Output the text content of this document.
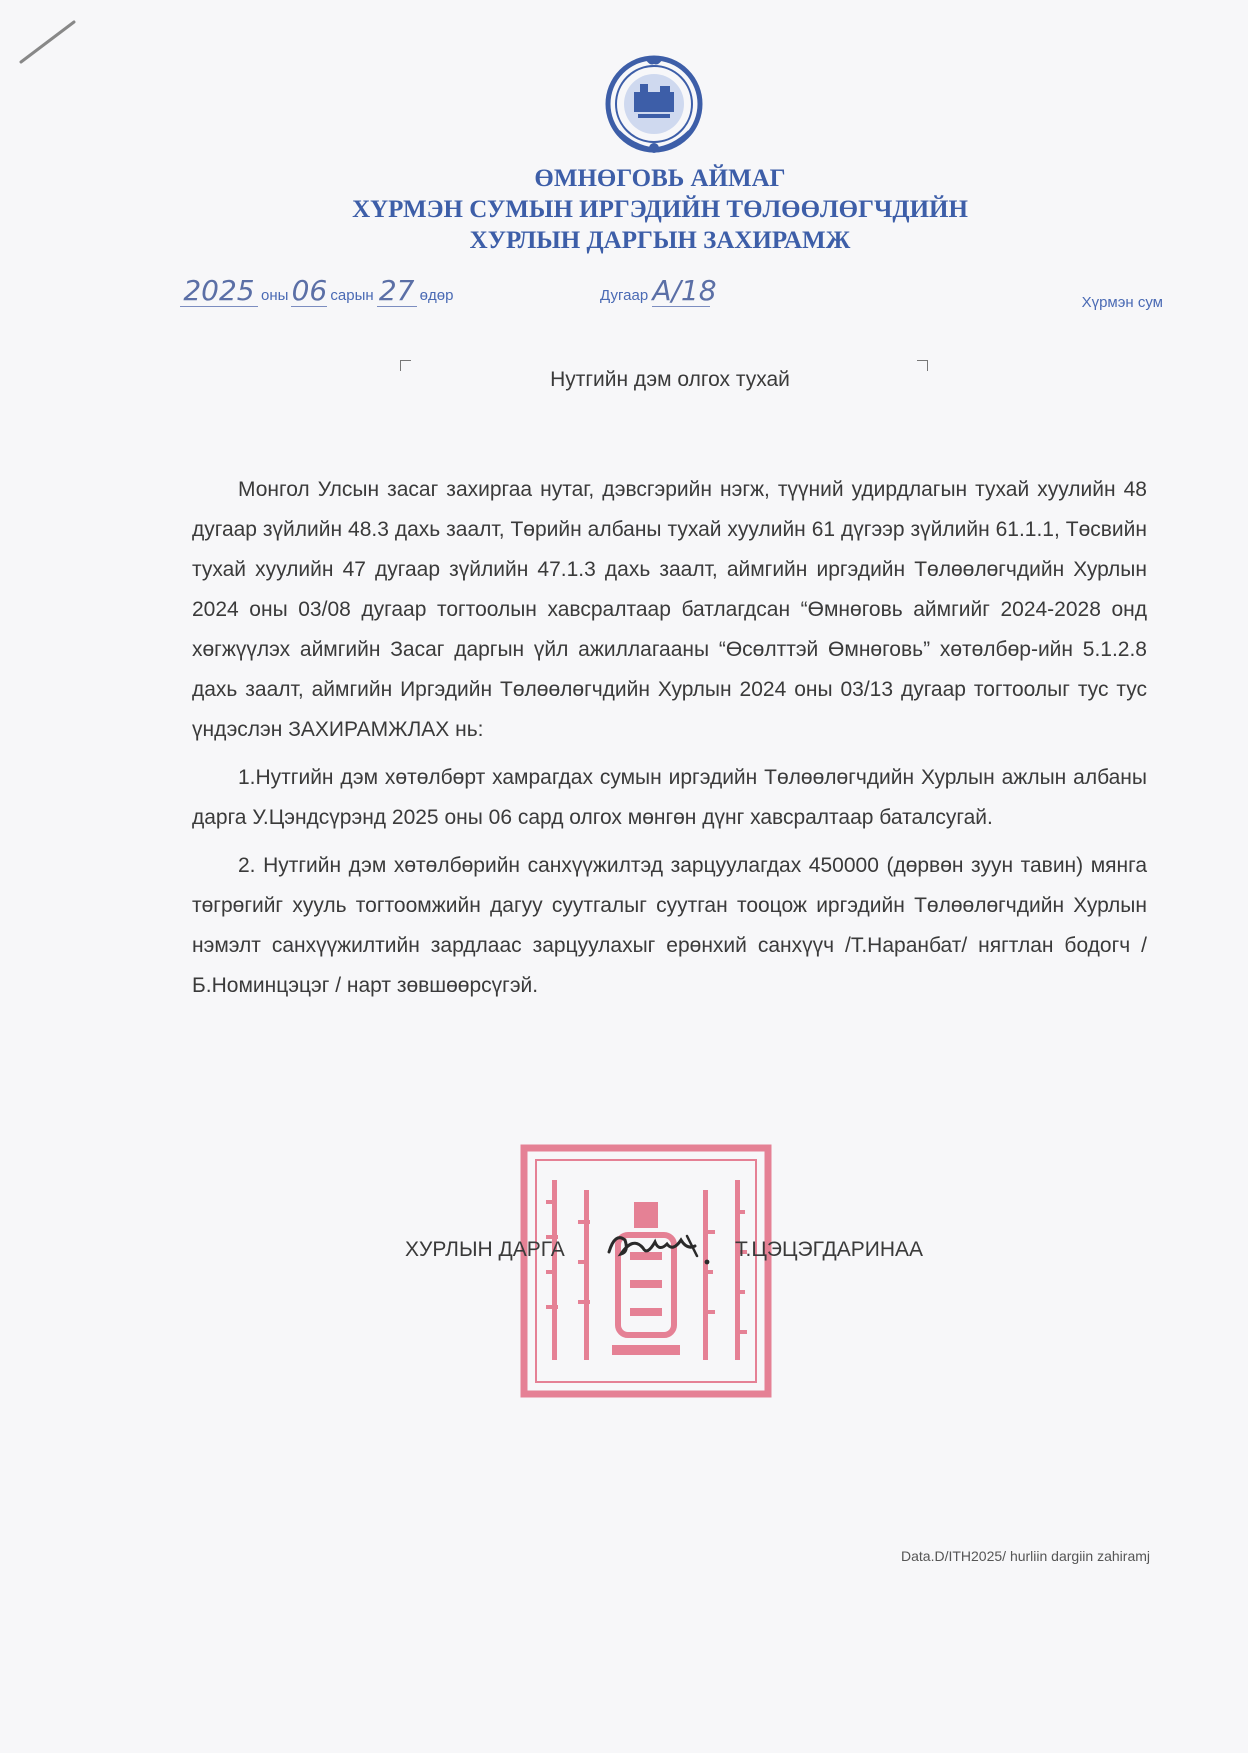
ӨМНӨГОВЬ АЙМАГ
ХҮРМЭН СУМЫН ИРГЭДИЙН ТӨЛӨӨЛӨГЧДИЙН
ХУРЛЫН ДАРГЫН ЗАХИРАМЖ
2025 оны 06 сарын 27 өдөр	Дугаар А/18	Хүрмэн сум
Нутгийн дэм олгох тухай

Монгол Улсын засаг захиргаа нутаг, дэвсгэрийн нэгж, түүний удирдлагын тухай хуулийн 48 дугаар зүйлийн 48.3 дахь заалт, Төрийн албаны тухай хуулийн 61 дүгээр зүйлийн 61.1.1, Төсвийн тухай хуулийн 47 дугаар зүйлийн 47.1.3 дахь заалт, аймгийн иргэдийн Төлөөлөгчдийн Хурлын 2024 оны 03/08 дугаар тогтоолын хавсралтаар батлагдсан “Өмнөговь аймгийг 2024-2028 онд хөгжүүлэх аймгийн Засаг даргын үйл ажиллагааны “Өсөлттэй Өмнөговь” хөтөлбөр-ийн 5.1.2.8 дахь заалт, аймгийн Иргэдийн Төлөөлөгчдийн Хурлын 2024 оны 03/13 дугаар тогтоолыг тус тус үндэслэн ЗАХИРАМЖЛАХ нь:

1.Нутгийн дэм хөтөлбөрт хамрагдах сумын иргэдийн Төлөөлөгчдийн Хурлын ажлын албаны дарга У.Цэндсүрэнд 2025 оны 06 сард олгох мөнгөн дүнг хавсралтаар баталсугай.

2. Нутгийн дэм хөтөлбөрийн санхүүжилтэд зарцуулагдах 450000 (дөрвөн зуун тавин) мянга төгрөгийг хууль тогтоомжийн дагуу суутгалыг суутган тооцож иргэдийн Төлөөлөгчдийн Хурлын нэмэлт санхүүжилтийн зардлаас зарцуулахыг ерөнхий санхүүч /Т.Наранбат/ нягтлан бодогч /Б.Номинцэцэг / нарт зөвшөөрсүгэй.

ХУРЛЫН ДАРГА	Т.ЦЭЦЭГДАРИНАА
Data.D/ITH2025/ hurliin dargiin zahiramj
